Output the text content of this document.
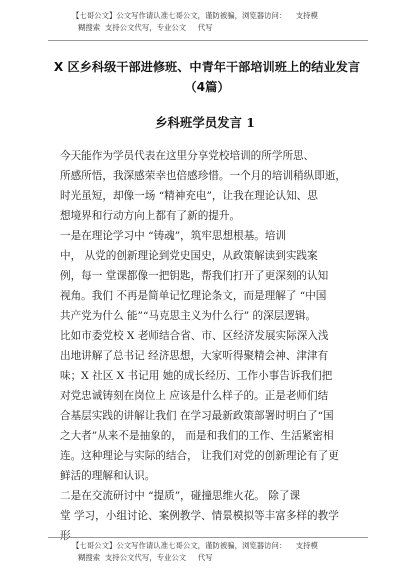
【七哥公文】公文写作请认准七哥公文，谨防被骗，浏览器访问：    支持模
糊搜索  支持公文代写，专业公文     代写
X 区乡科级干部进修班、中青年干部培训班上的结业发言（4篇）
乡科班学员发言 1

今天能作为学员代表在这里分享党校培训的所学所思、
所感所悟，我深感荣幸也倍感珍惜。一个月的培训稍纵即逝，
时光虽短，却像一场 “精神充电”，让我在理论认知、思
想境界和行动方向上都有了新的提升。

一是在理论学习中 “铸魂”，筑牢思想根基。培训
中， 从党的创新理论到党史国史，从政策解读到实践案
例，每一 堂课都像一把钥匙，帮我们打开了更深刻的认知
视角。我们 不再是简单记忆理论条文，而是理解了 “中国
共产党为什么 能”“马克思主义为什么行” 的深层逻辑。
比如市委党校 X 老师结合省、市、区经济发展实际深入浅
出地讲解了总书记 经济思想，大家听得聚精会神、津津有
味；X 社区 X 书记用 她的成长经历、工作小事告诉我们把
对党忠诚铸刻在岗位上 应该是什么样子的。正是老师们结
合基层实践的讲解让我们 在学习最新政策部署时明白了“国
之大者”从来不是抽象的， 而是和我们的工作、生活紧密相
连。这种理论与实际的结合， 让我们对党的创新理论有了更
鲜活的理解和认识。

二是在交流研讨中 “提质”，碰撞思维火花。 除了课
堂 学习，小组讨论、案例教学、情景模拟等丰富多样的教学
形

【七哥公文】公文写作请认准七哥公文，谨防被骗，浏览器访问：    支持模
糊搜索  支持公文代写，专业公文     代写
